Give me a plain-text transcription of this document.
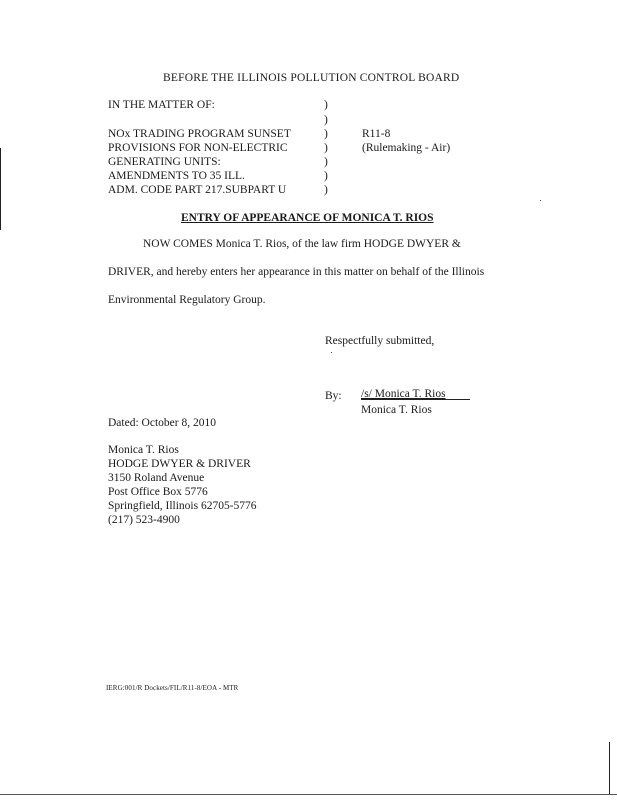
BEFORE THE ILLINOIS POLLUTION CONTROL BOARD
IN THE MATTER OF:
NOx TRADING PROGRAM SUNSET
PROVISIONS FOR NON-ELECTRIC
GENERATING UNITS:
AMENDMENTS TO 35 ILL.
ADM. CODE PART 217.SUBPART U
)
)
)
)
)
)
)
R11-8
(Rulemaking - Air)
ENTRY OF APPEARANCE OF MONICA T. RIOS
NOW COMES Monica T. Rios, of the law firm HODGE DWYER &
DRIVER, and hereby enters her appearance in this matter on behalf of the Illinois
Environmental Regulatory Group.
Respectfully submitted,
By: /s/ Monica T. Rios
Monica T. Rios
Dated: October 8, 2010
Monica T. Rios
HODGE DWYER & DRIVER
3150 Roland Avenue
Post Office Box 5776
Springfield, Illinois 62705-5776
(217) 523-4900
IERG:001/R Dockets/FIL/R11-8/EOA - MTR
